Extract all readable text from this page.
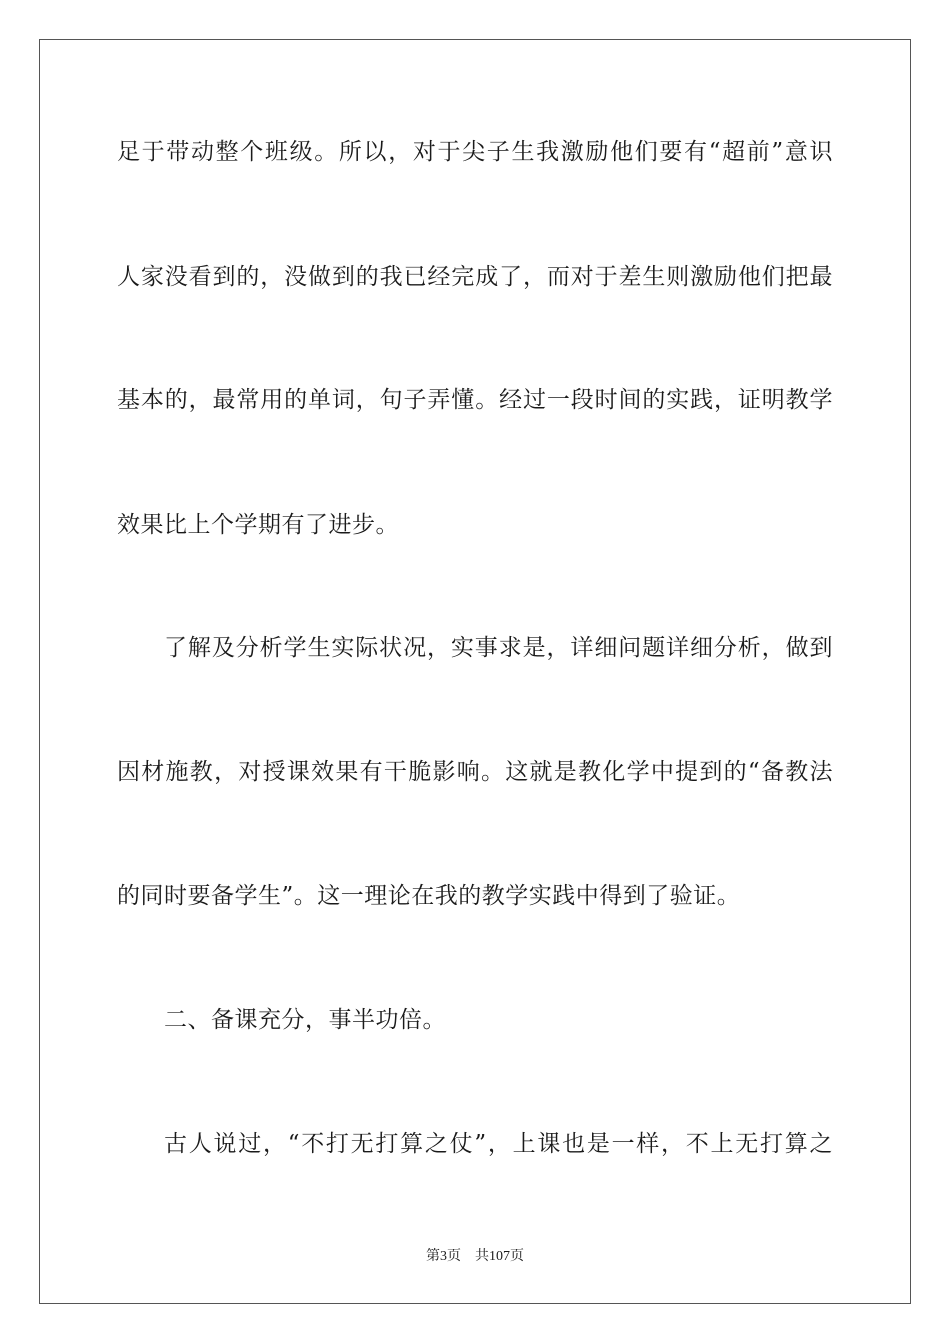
足于带动整个班级。所以，对于尖子生我激励他们要有“超前”意识
人家没看到的，没做到的我已经完成了，而对于差生则激励他们把最
基本的，最常用的单词，句子弄懂。经过一段时间的实践，证明教学
效果比上个学期有了进步。
了解及分析学生实际状况，实事求是，详细问题详细分析，做到
因材施教，对授课效果有干脆影响。这就是教化学中提到的“备教法
的同时要备学生”。这一理论在我的教学实践中得到了验证。
二、备课充分，事半功倍。
古人说过，“不打无打算之仗”，上课也是一样，不上无打算之
第3页 共107页
